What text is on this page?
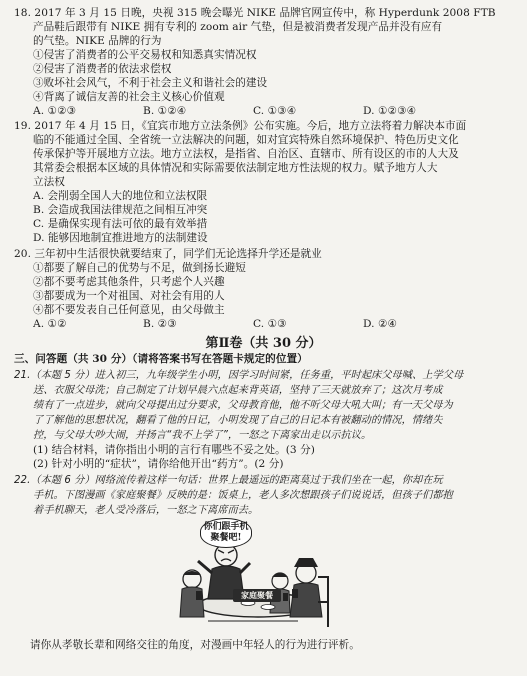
18. 2017 年 3 月 15 日晚，央视 315 晚会曝光 NIKE 品牌官网宣传中，称 Hyperdunk 2008 FTB
产品鞋后跟带有 NIKE 拥有专利的 zoom air 气垫，但是被消费者发现产品并没有应有
的气垫。NIKE 品牌的行为
①侵害了消费者的公平交易权和知悉真实情况权
②侵害了消费者的依法求偿权
③败坏社会风气，不利于社会主义和谐社会的建设
④背离了诚信友善的社会主义核心价值观
A. ①②③	B. ①②④	C. ①③④	D. ①②③④
19. 2017 年 4 月 15 日，《宜宾市地方立法条例》公布实施。今后，地方立法将着力解决本市面
临的不能通过全国、全省统一立法解决的问题，如对宜宾特殊自然环境保护、特色历史文化
传承保护等开展地方立法。地方立法权，是指省、自治区、直辖市、所有设区的市的人大及
其常委会根据本区域的具体情况和实际需要依法制定地方性法规的权力。赋予地方人大
立法权
A. 会削弱全国人大的地位和立法权限
B. 会造成我国法律规范之间相互冲突
C. 是确保实现有法可依的最有效举措
D. 能够因地制宜推进地方的法制建设
20. 三年初中生活很快就要结束了，同学们无论选择升学还是就业
①都要了解自己的优势与不足，做到扬长避短
②都不要考虑其他条件，只考虑个人兴趣
③都要成为一个对祖国、对社会有用的人
④都不要发表自己任何意见，由父母做主
A. ①②	B. ②③	C. ①③	D. ②④
第Ⅱ卷（共 30 分）
三、问答题（共 30 分）（请将答案书写在答题卡规定的位置）
21.（本题 5 分）进入初三，九年级学生小明，因学习时间紧，任务重，平时起床父母喊、上学父母
送、衣服父母洗；自己制定了计划早晨六点起来背英语，坚持了三天就放弃了；这次月考成
绩有了一点进步，就向父母提出过分要求，父母教育他，他不听父母大吼大叫；有一天父母为
了了解他的思想状况，翻看了他的日记，小明发现了自己的日记本有被翻动的情况，情绪失
控，与父母大吵大闹，并扬言“我不上学了”，一怒之下离家出走以示抗议。
(1) 结合材料，请你指出小明的言行有哪些不妥之处。(3 分)
(2) 针对小明的“症状”，请你给他开出“药方”。(2 分)
22.（本题 6 分）网络流传着这样一句话：世界上最遥远的距离莫过于我们坐在一起，你却在玩
手机。下图漫画《家庭聚餐》反映的是：饭桌上，老人多次想跟孩子们说说话，但孩子们都抱
着手机聊天，老人受冷落后，一怒之下离席而去。
你们跟手机聚餐吧!
家庭聚餐
请你从孝敬长辈和网络交往的角度，对漫画中年轻人的行为进行评析。
